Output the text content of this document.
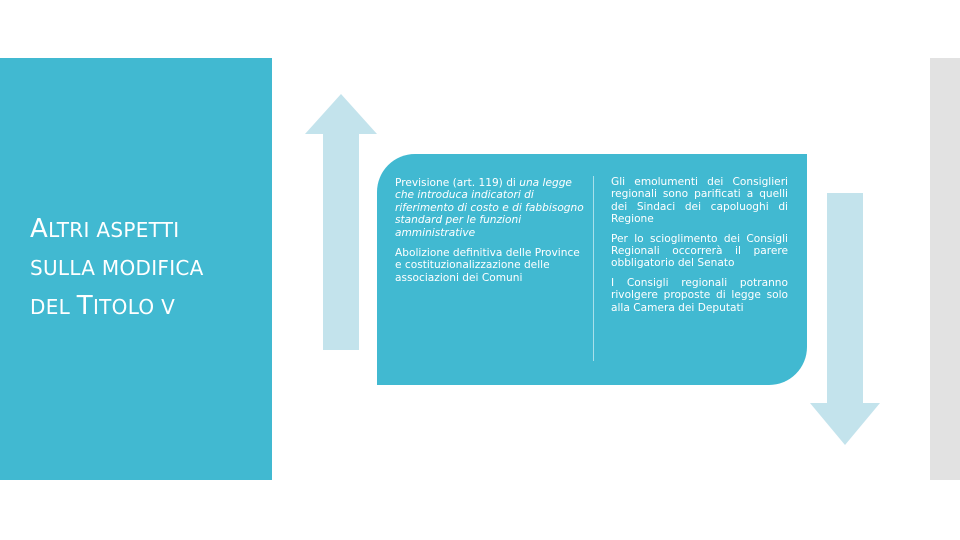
ALTRI ASPETTI
SULLA MODIFICA
DEL TITOLO V

Previsione (art. 119) di una legge che introduca indicatori di riferimento di costo e di fabbisogno standard per le funzioni amministrative

Abolizione definitiva delle Province e costituzionalizzazione delle associazioni dei Comuni

Gli emolumenti dei Consiglieri regionali sono parificati a quelli dei Sindaci dei capoluoghi di Regione

Per lo scioglimento dei Consigli Regionali occorrerà il parere obbligatorio del Senato

I Consigli regionali potranno rivolgere proposte di legge solo alla Camera dei Deputati
